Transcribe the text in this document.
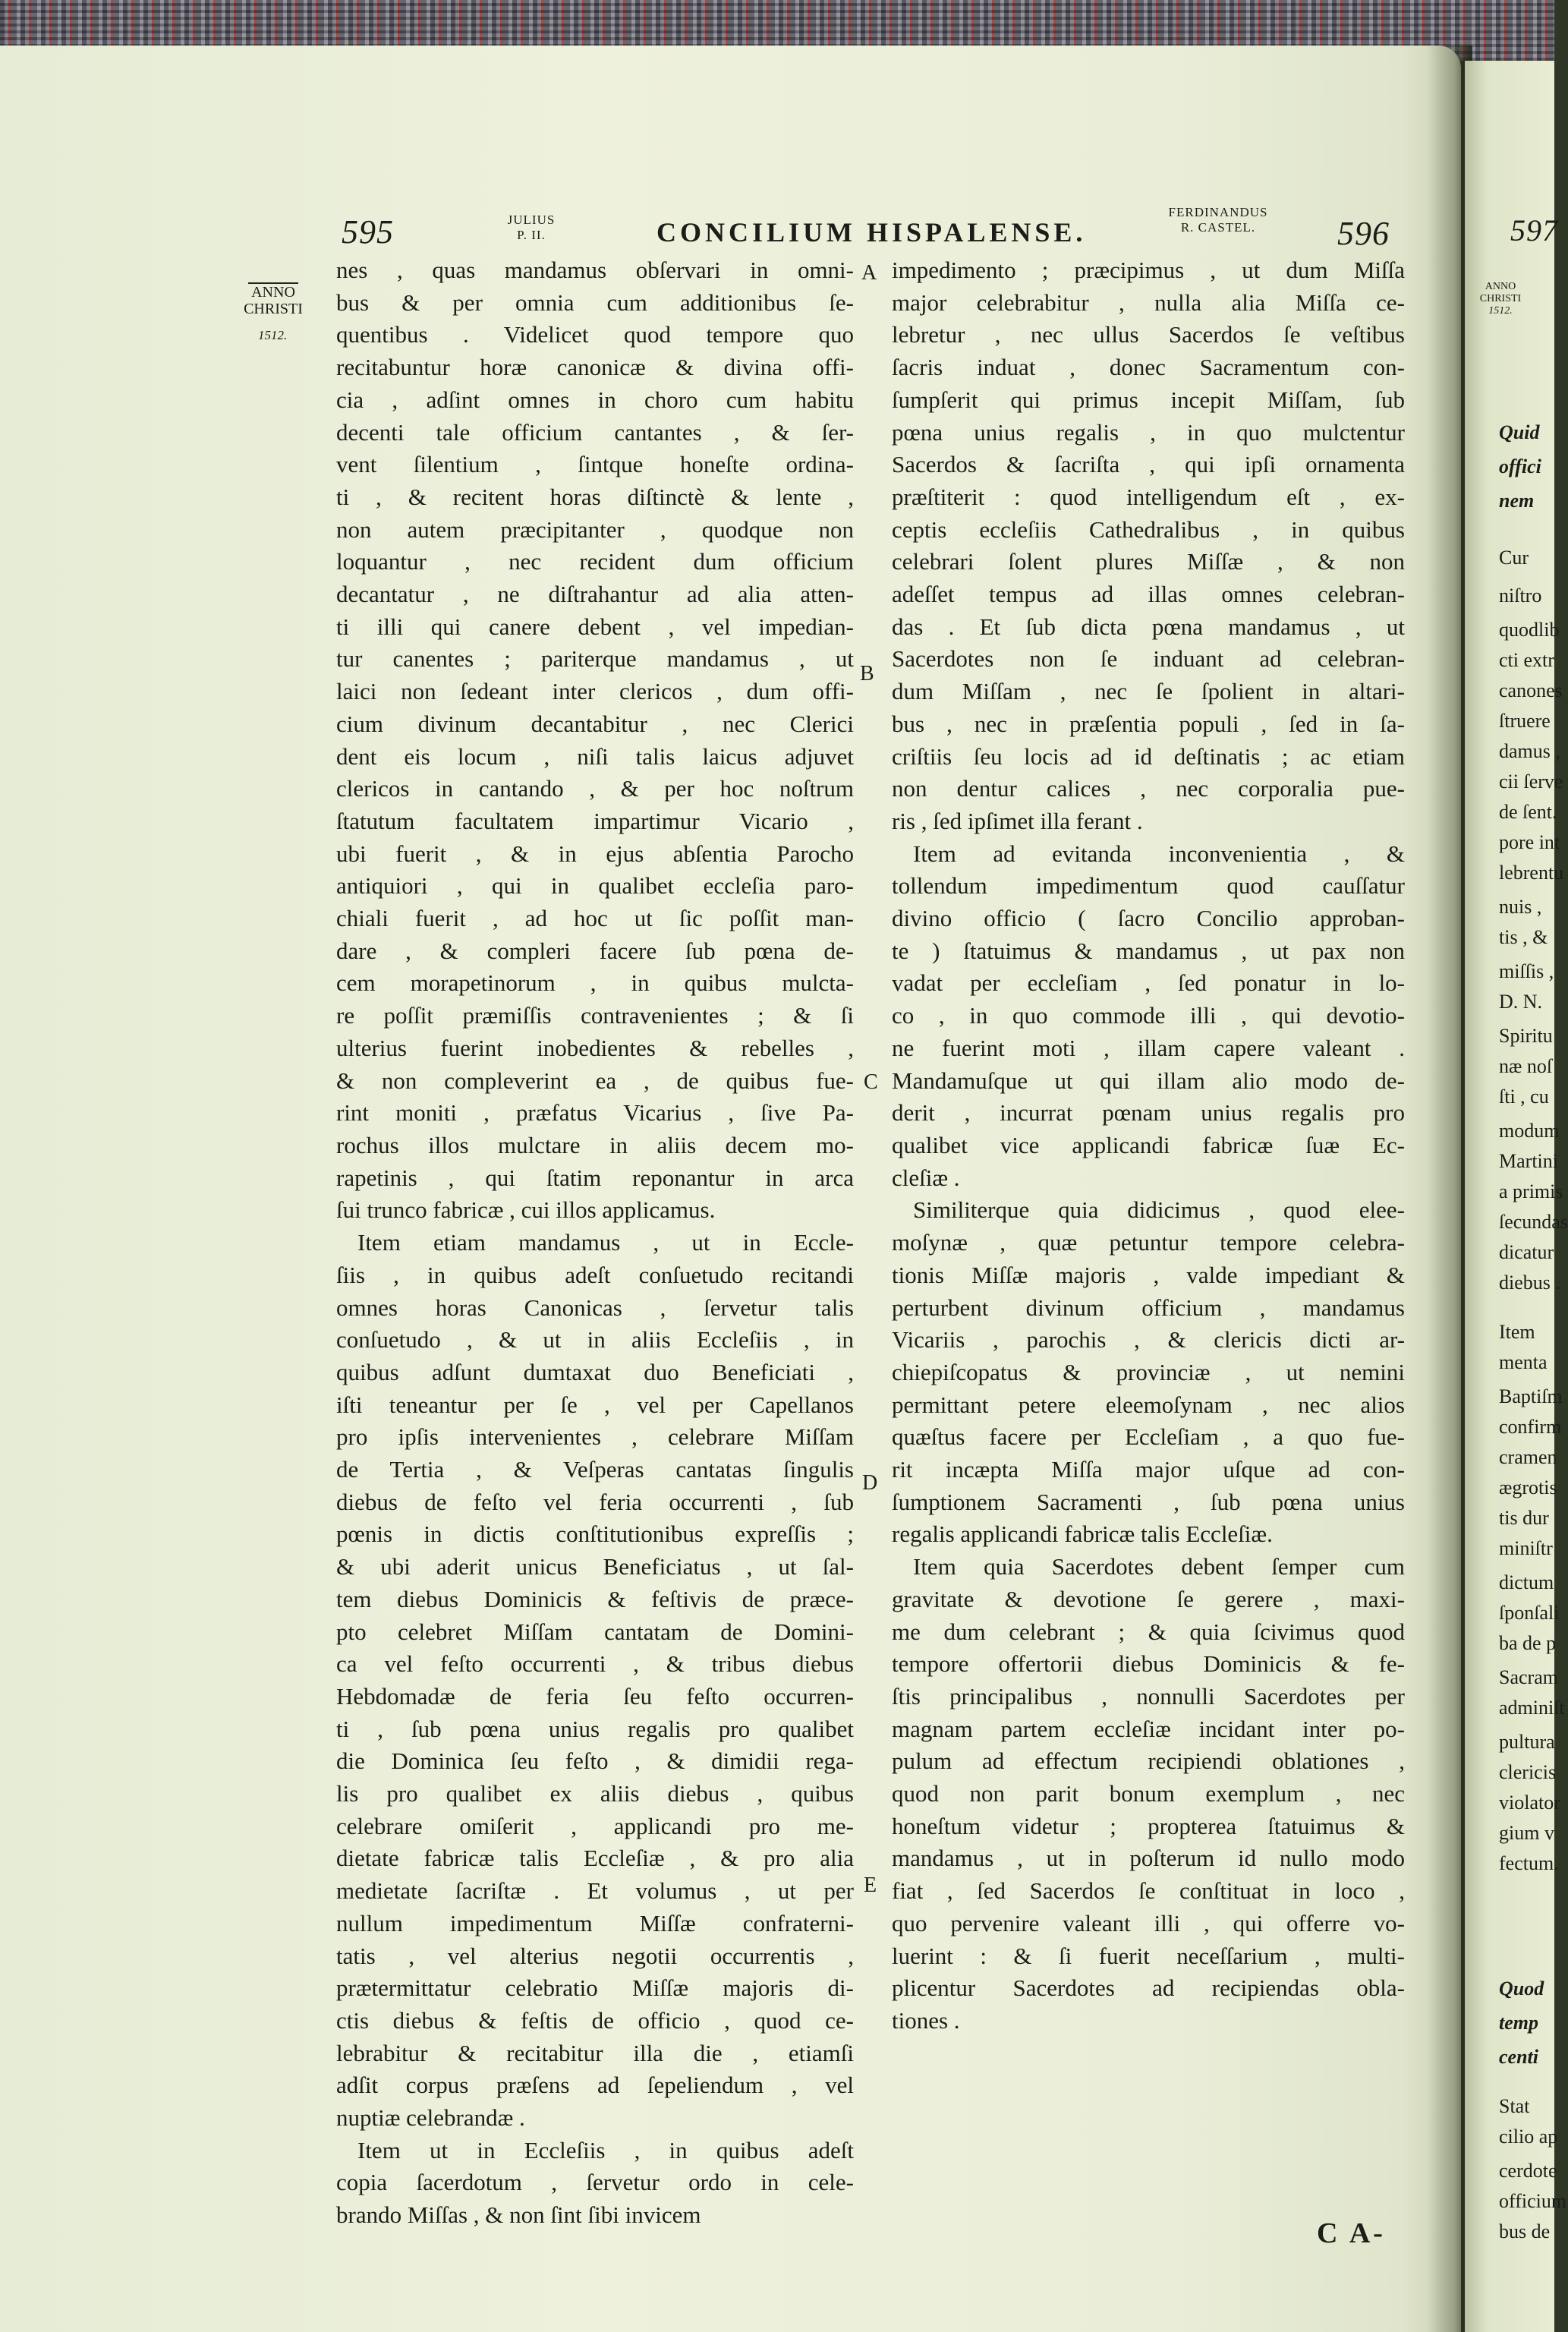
595	JULIUS
P. II.	CONCILIUM HISPALENSE.
FERDINANDUS
R. CASTEL.	596
ANNO
CHRISTI
1512.
A
B
C
D
E
nes , quas mandamus obſervari in omni-
bus & per omnia cum additionibus ſe-
quentibus . Videlicet quod tempore quo
recitabuntur horæ canonicæ & divina offi-
cia , adſint omnes in choro cum habitu
decenti tale officium cantantes , & ſer-
vent ſilentium , ſintque honeſte ordina-
ti , & recitent horas diſtinctè & lente ,
non autem præcipitanter , quodque non
loquantur , nec recident dum officium
decantatur , ne diſtrahantur ad alia atten-
ti illi qui canere debent , vel impedian-
tur canentes ; pariterque mandamus , ut
laici non ſedeant inter clericos , dum offi-
cium divinum decantabitur , nec Clerici
dent eis locum , niſi talis laicus adjuvet
clericos in cantando , & per hoc noſtrum
ſtatutum facultatem impartimur Vicario ,
ubi fuerit , & in ejus abſentia Parocho
antiquiori , qui in qualibet eccleſia paro-
chiali fuerit , ad hoc ut ſic poſſit man-
dare , & compleri facere ſub pœna de-
cem morapetinorum , in quibus mulcta-
re poſſit præmiſſis contravenientes ; & ſi
ulterius fuerint inobedientes & rebelles ,
& non compleverint ea , de quibus fue-
rint moniti , præfatus Vicarius , ſive Pa-
rochus illos mulctare in aliis decem mo-
rapetinis , qui ſtatim reponantur in arca
ſui trunco fabricæ , cui illos applicamus.
Item etiam mandamus , ut in Eccle-
ſiis , in quibus adeſt conſuetudo recitandi
omnes horas Canonicas , ſervetur talis
conſuetudo , & ut in aliis Eccleſiis , in
quibus adſunt dumtaxat duo Beneficiati ,
iſti teneantur per ſe , vel per Capellanos
pro ipſis intervenientes , celebrare Miſſam
de Tertia , & Veſperas cantatas ſingulis
diebus de feſto vel feria occurrenti , ſub
pœnis in dictis conſtitutionibus expreſſis ;
& ubi aderit unicus Beneficiatus , ut ſal-
tem diebus Dominicis & feſtivis de præce-
pto celebret Miſſam cantatam de Domini-
ca vel feſto occurrenti , & tribus diebus
Hebdomadæ de feria ſeu feſto occurren-
ti , ſub pœna unius regalis pro qualibet
die Dominica ſeu feſto , & dimidii rega-
lis pro qualibet ex aliis diebus , quibus
celebrare omiſerit , applicandi pro me-
dietate fabricæ talis Eccleſiæ , & pro alia
medietate ſacriſtæ . Et volumus , ut per
nullum impedimentum Miſſæ confraterni-
tatis , vel alterius negotii occurrentis ,
prætermittatur celebratio Miſſæ majoris di-
ctis diebus & feſtis de officio , quod ce-
lebrabitur & recitabitur illa die , etiamſi
adſit corpus præſens ad ſepeliendum , vel
nuptiæ celebrandæ .
Item ut in Eccleſiis , in quibus adeſt
copia ſacerdotum , ſervetur ordo in cele-
brando Miſſas , & non ſint ſibi invicem
impedimento ; præcipimus , ut dum Miſſa
major celebrabitur , nulla alia Miſſa ce-
lebretur , nec ullus Sacerdos ſe veſtibus
ſacris induat , donec Sacramentum con-
ſumpſerit qui primus incepit Miſſam, ſub
pœna unius regalis , in quo mulctentur
Sacerdos & ſacriſta , qui ipſi ornamenta
præſtiterit : quod intelligendum eſt , ex-
ceptis eccleſiis Cathedralibus , in quibus
celebrari ſolent plures Miſſæ , & non
adeſſet tempus ad illas omnes celebran-
das . Et ſub dicta pœna mandamus , ut
Sacerdotes non ſe induant ad celebran-
dum Miſſam , nec ſe ſpolient in altari-
bus , nec in præſentia populi , ſed in ſa-
criſtiis ſeu locis ad id deſtinatis ; ac etiam
non dentur calices , nec corporalia pue-
ris , ſed ipſimet illa ferant .
Item ad evitanda inconvenientia , &
tollendum impedimentum quod cauſſatur
divino officio ( ſacro Concilio approban-
te ) ſtatuimus & mandamus , ut pax non
vadat per eccleſiam , ſed ponatur in lo-
co , in quo commode illi , qui devotio-
ne fuerint moti , illam capere valeant .
Mandamuſque ut qui illam alio modo de-
derit , incurrat pœnam unius regalis pro
qualibet vice applicandi fabricæ ſuæ Ec-
cleſiæ .
Similiterque quia didicimus , quod elee-
moſynæ , quæ petuntur tempore celebra-
tionis Miſſæ majoris , valde impediant &
perturbent divinum officium , mandamus
Vicariis , parochis , & clericis dicti ar-
chiepiſcopatus & provinciæ , ut nemini
permittant petere eleemoſynam , nec alios
quæſtus facere per Eccleſiam , a quo fue-
rit incæpta Miſſa major uſque ad con-
ſumptionem Sacramenti , ſub pœna unius
regalis applicandi fabricæ talis Eccleſiæ.
Item quia Sacerdotes debent ſemper cum
gravitate & devotione ſe gerere , maxi-
me dum celebrant ; & quia ſcivimus quod
tempore offertorii diebus Dominicis & fe-
ſtis principalibus , nonnulli Sacerdotes per
magnam partem eccleſiæ incidant inter po-
pulum ad effectum recipiendi oblationes ,
quod non parit bonum exemplum , nec
honeſtum videtur ; propterea ſtatuimus &
mandamus , ut in poſterum id nullo modo
fiat , ſed Sacerdos ſe conſtituat in loco ,
quo pervenire valeant illi , qui offerre vo-
luerint : & ſi fuerit neceſſarium , multi-
plicentur Sacerdotes ad recipiendas obla-
tiones .
C A-
597
ANNO
CHRISTI
1512.
Quid
offici
nem
Cur
niſtro
quodlib
cti extr
canones
ſtruere
damus ,
cii ſerve
de ſent.
pore int
lebrentu
nuis ,
tis , &
miſſis ,
D. N.
Spiritu
næ noſ
ſti , cu
modum
Martini
a primis
ſecundas
dicatur
diebus .
Item
menta
Baptiſm
confirm
cramen
ægrotis
tis dur
miniſtr
dictum
ſponſali
ba de p
Sacram
adminiſt
pultura
clericis
violator
gium v
fectum.
Quod
temp
centi
Stat
cilio ap
cerdote
officium
bus de
